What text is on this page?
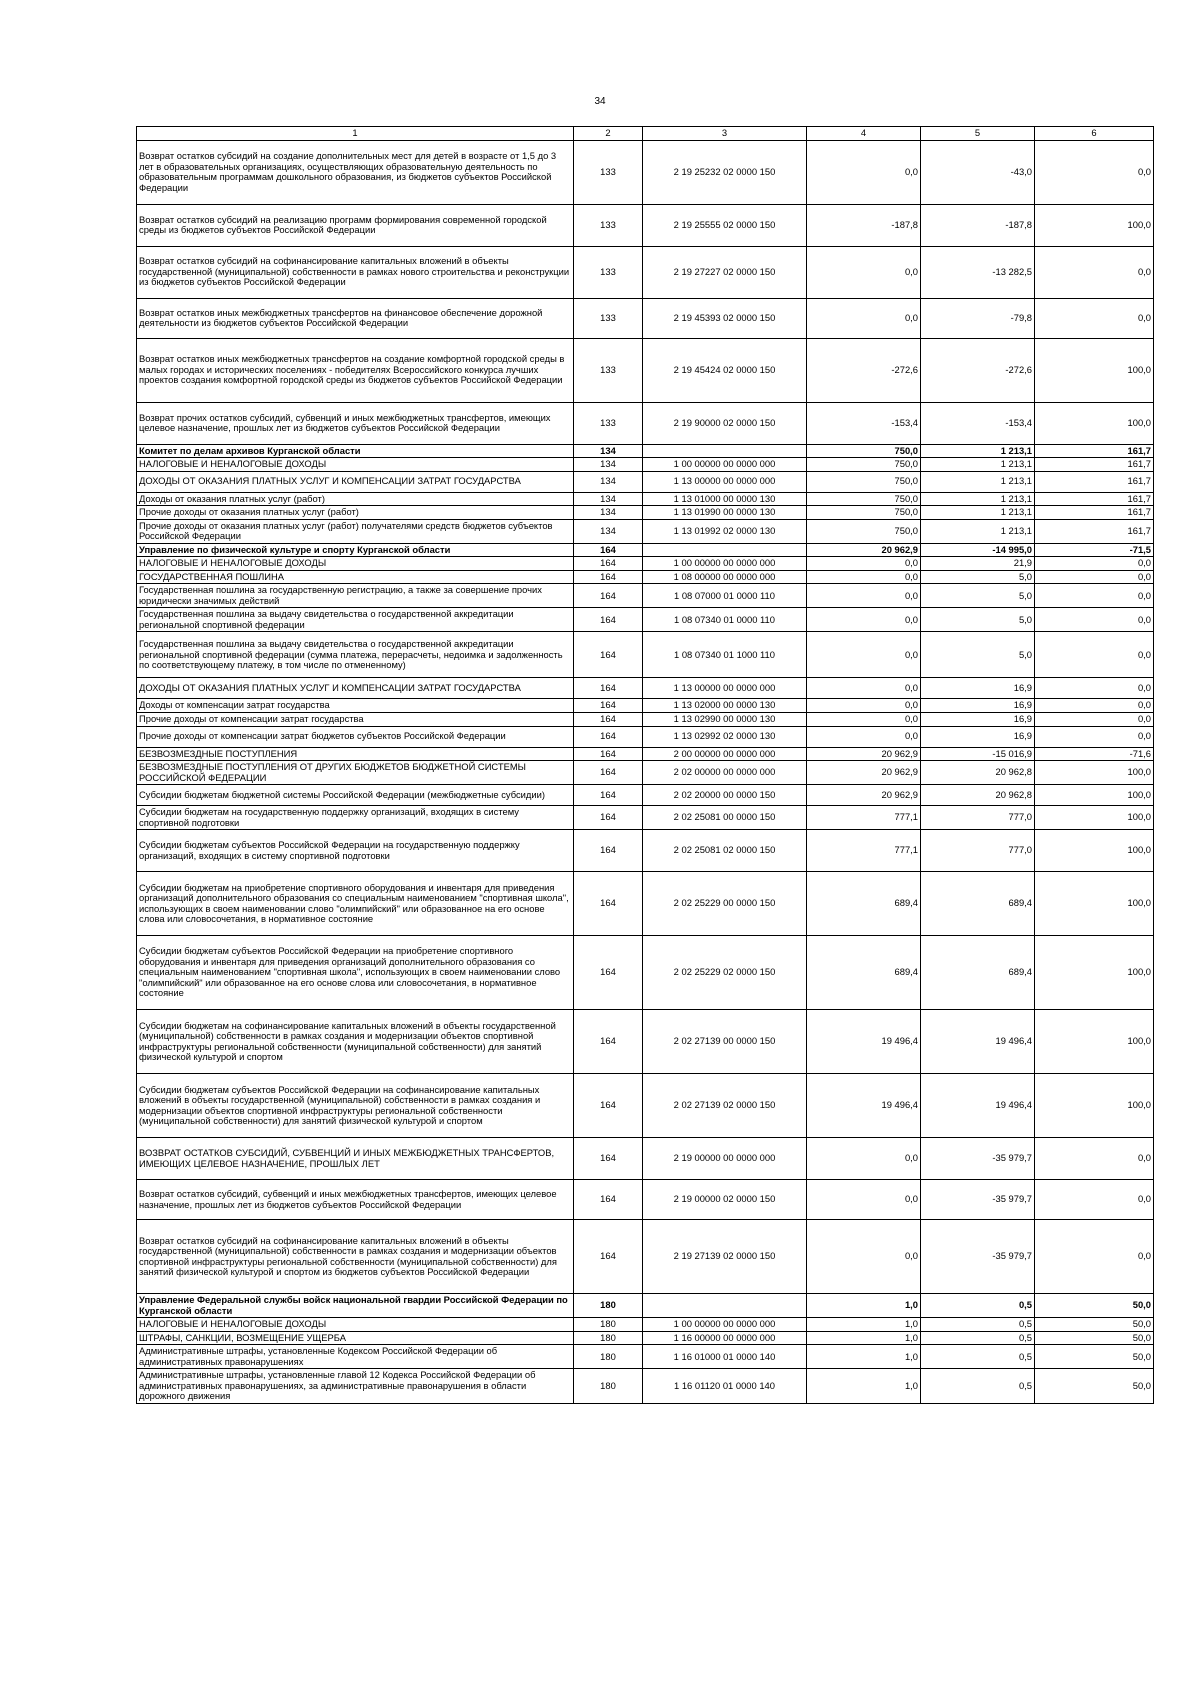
34
1	2	3	4	5	6
Возврат остатков субсидий на создание дополнительных мест для детей в возрасте от 1,5 до 3 лет в образовательных организациях, осуществляющих образовательную деятельность по образовательным программам дошкольного образования, из бюджетов субъектов Российской Федерации	133	2 19 25232 02 0000 150	0,0	-43,0	0,0
Возврат остатков субсидий на реализацию программ формирования современной городской среды из бюджетов субъектов Российской Федерации	133	2 19 25555 02 0000 150	-187,8	-187,8	100,0
Возврат остатков субсидий на софинансирование капитальных вложений в объекты государственной (муниципальной) собственности в рамках нового строительства и реконструкции из бюджетов субъектов Российской Федерации	133	2 19 27227 02 0000 150	0,0	-13 282,5	0,0
Возврат остатков иных межбюджетных трансфертов на финансовое обеспечение дорожной деятельности из бюджетов субъектов Российской Федерации	133	2 19 45393 02 0000 150	0,0	-79,8	0,0
Возврат остатков иных межбюджетных трансфертов на создание комфортной городской среды в малых городах и исторических поселениях - победителях Всероссийского конкурса лучших проектов создания комфортной городской среды из бюджетов субъектов Российской Федерации	133	2 19 45424 02 0000 150	-272,6	-272,6	100,0
Возврат прочих остатков субсидий, субвенций и иных межбюджетных трансфертов, имеющих целевое назначение, прошлых лет из бюджетов субъектов Российской Федерации	133	2 19 90000 02 0000 150	-153,4	-153,4	100,0
Комитет по делам архивов Курганской области	134		750,0	1 213,1	161,7
НАЛОГОВЫЕ И НЕНАЛОГОВЫЕ ДОХОДЫ	134	1 00 00000 00 0000 000	750,0	1 213,1	161,7
ДОХОДЫ ОТ ОКАЗАНИЯ ПЛАТНЫХ УСЛУГ И КОМПЕНСАЦИИ ЗАТРАТ ГОСУДАРСТВА	134	1 13 00000 00 0000 000	750,0	1 213,1	161,7
Доходы от оказания платных услуг (работ)	134	1 13 01000 00 0000 130	750,0	1 213,1	161,7
Прочие доходы от оказания платных услуг (работ)	134	1 13 01990 00 0000 130	750,0	1 213,1	161,7
Прочие доходы от оказания платных услуг (работ) получателями средств бюджетов субъектов Российской Федерации	134	1 13 01992 02 0000 130	750,0	1 213,1	161,7
Управление по физической культуре и спорту Курганской области	164		20 962,9	-14 995,0	-71,5
НАЛОГОВЫЕ И НЕНАЛОГОВЫЕ ДОХОДЫ	164	1 00 00000 00 0000 000	0,0	21,9	0,0
ГОСУДАРСТВЕННАЯ ПОШЛИНА	164	1 08 00000 00 0000 000	0,0	5,0	0,0
Государственная пошлина за государственную регистрацию, а также за совершение прочих юридически значимых действий	164	1 08 07000 01 0000 110	0,0	5,0	0,0
Государственная пошлина за выдачу свидетельства о государственной аккредитации региональной спортивной федерации	164	1 08 07340 01 0000 110	0,0	5,0	0,0
Государственная пошлина за выдачу свидетельства о государственной аккредитации региональной спортивной федерации (сумма платежа, перерасчеты, недоимка и задолженность по соответствующему платежу, в том числе по отмененному)	164	1 08 07340 01 1000 110	0,0	5,0	0,0
ДОХОДЫ ОТ ОКАЗАНИЯ ПЛАТНЫХ УСЛУГ И КОМПЕНСАЦИИ ЗАТРАТ ГОСУДАРСТВА	164	1 13 00000 00 0000 000	0,0	16,9	0,0
Доходы от компенсации затрат государства	164	1 13 02000 00 0000 130	0,0	16,9	0,0
Прочие доходы от компенсации затрат государства	164	1 13 02990 00 0000 130	0,0	16,9	0,0
Прочие доходы от компенсации затрат бюджетов субъектов Российской Федерации	164	1 13 02992 02 0000 130	0,0	16,9	0,0
БЕЗВОЗМЕЗДНЫЕ ПОСТУПЛЕНИЯ	164	2 00 00000 00 0000 000	20 962,9	-15 016,9	-71,6
БЕЗВОЗМЕЗДНЫЕ ПОСТУПЛЕНИЯ ОТ ДРУГИХ БЮДЖЕТОВ БЮДЖЕТНОЙ СИСТЕМЫ РОССИЙСКОЙ ФЕДЕРАЦИИ	164	2 02 00000 00 0000 000	20 962,9	20 962,8	100,0
Субсидии бюджетам бюджетной системы Российской Федерации (межбюджетные субсидии)	164	2 02 20000 00 0000 150	20 962,9	20 962,8	100,0
Субсидии бюджетам на государственную поддержку организаций, входящих в систему спортивной подготовки	164	2 02 25081 00 0000 150	777,1	777,0	100,0
Субсидии бюджетам субъектов Российской Федерации на государственную поддержку организаций, входящих в систему спортивной подготовки	164	2 02 25081 02 0000 150	777,1	777,0	100,0
Субсидии бюджетам на приобретение спортивного оборудования и инвентаря для приведения организаций дополнительного образования со специальным наименованием "спортивная школа", использующих в своем наименовании слово "олимпийский" или образованное на его основе слова или словосочетания, в нормативное состояние	164	2 02 25229 00 0000 150	689,4	689,4	100,0
Субсидии бюджетам субъектов Российской Федерации на приобретение спортивного оборудования и инвентаря для приведения организаций дополнительного образования со специальным наименованием "спортивная школа", использующих в своем наименовании слово "олимпийский" или образованное на его основе слова или словосочетания, в нормативное состояние	164	2 02 25229 02 0000 150	689,4	689,4	100,0
Субсидии бюджетам на софинансирование капитальных вложений в объекты государственной (муниципальной) собственности в рамках создания и модернизации объектов спортивной инфраструктуры региональной собственности (муниципальной собственности) для занятий физической культурой и спортом	164	2 02 27139 00 0000 150	19 496,4	19 496,4	100,0
Субсидии бюджетам субъектов Российской Федерации на софинансирование капитальных вложений в объекты государственной (муниципальной) собственности в рамках создания и модернизации объектов спортивной инфраструктуры региональной собственности (муниципальной собственности) для занятий физической культурой и спортом	164	2 02 27139 02 0000 150	19 496,4	19 496,4	100,0
ВОЗВРАТ ОСТАТКОВ СУБСИДИЙ, СУБВЕНЦИЙ И ИНЫХ МЕЖБЮДЖЕТНЫХ ТРАНСФЕРТОВ, ИМЕЮЩИХ ЦЕЛЕВОЕ НАЗНАЧЕНИЕ, ПРОШЛЫХ ЛЕТ	164	2 19 00000 00 0000 000	0,0	-35 979,7	0,0
Возврат остатков субсидий, субвенций и иных межбюджетных трансфертов, имеющих целевое назначение, прошлых лет из бюджетов субъектов Российской Федерации	164	2 19 00000 02 0000 150	0,0	-35 979,7	0,0
Возврат остатков субсидий на софинансирование капитальных вложений в объекты государственной (муниципальной) собственности в рамках создания и модернизации объектов спортивной инфраструктуры региональной собственности (муниципальной собственности) для занятий физической культурой и спортом из бюджетов субъектов Российской Федерации	164	2 19 27139 02 0000 150	0,0	-35 979,7	0,0
Управление Федеральной службы войск национальной гвардии Российской Федерации по Курганской области	180		1,0	0,5	50,0
НАЛОГОВЫЕ И НЕНАЛОГОВЫЕ ДОХОДЫ	180	1 00 00000 00 0000 000	1,0	0,5	50,0
ШТРАФЫ, САНКЦИИ, ВОЗМЕЩЕНИЕ УЩЕРБА	180	1 16 00000 00 0000 000	1,0	0,5	50,0
Административные штрафы, установленные Кодексом Российской Федерации об административных правонарушениях	180	1 16 01000 01 0000 140	1,0	0,5	50,0
Административные штрафы, установленные главой 12 Кодекса Российской Федерации об административных правонарушениях, за административные правонарушения в области дорожного движения	180	1 16 01120 01 0000 140	1,0	0,5	50,0
